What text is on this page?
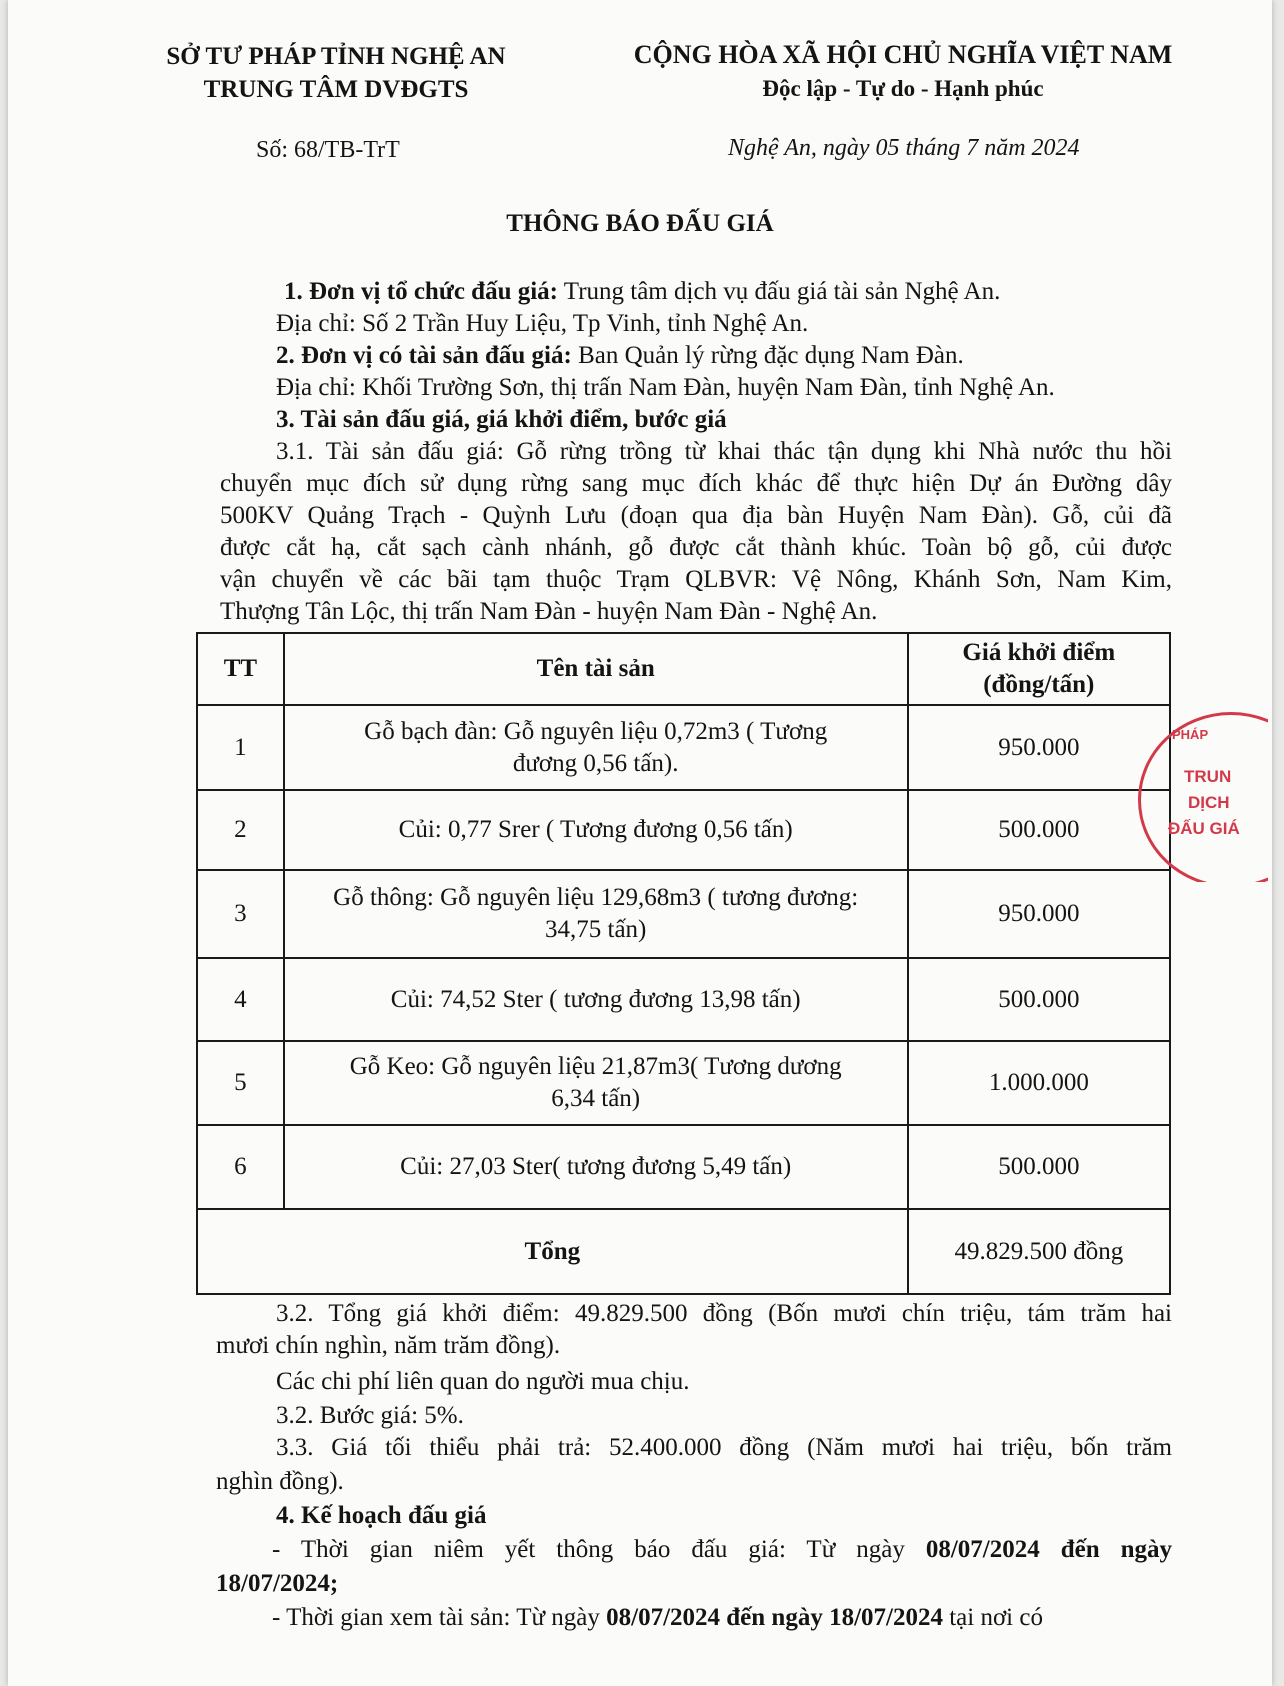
SỞ TƯ PHÁP TỈNH NGHỆ AN
TRUNG TÂM DVĐGTS
CỘNG HÒA XÃ HỘI CHỦ NGHĨA VIỆT NAM
Độc lập - Tự do - Hạnh phúc
Số: 68/TB-TrT	Nghệ An, ngày 05 tháng 7 năm 2024
THÔNG BÁO ĐẤU GIÁ
1. Đơn vị tổ chức đấu giá: Trung tâm dịch vụ đấu giá tài sản Nghệ An.
Địa chỉ: Số 2 Trần Huy Liệu, Tp Vinh, tỉnh Nghệ An.
2. Đơn vị có tài sản đấu giá: Ban Quản lý rừng đặc dụng Nam Đàn.
Địa chỉ: Khối Trường Sơn, thị trấn Nam Đàn, huyện Nam Đàn, tỉnh Nghệ An.
3. Tài sản đấu giá, giá khởi điểm, bước giá
3.1. Tài sản đấu giá: Gỗ rừng trồng từ khai thác tận dụng khi Nhà nước thu hồi
chuyển mục đích sử dụng rừng sang mục đích khác để thực hiện Dự án Đường dây
500KV Quảng Trạch - Quỳnh Lưu (đoạn qua địa bàn Huyện Nam Đàn). Gỗ, củi đã
được cắt hạ, cắt sạch cành nhánh, gỗ được cắt thành khúc. Toàn bộ gỗ, củi được
vận chuyển về các bãi tạm thuộc Trạm QLBVR: Vệ Nông, Khánh Sơn, Nam Kim,
Thượng Tân Lộc, thị trấn Nam Đàn - huyện Nam Đàn - Nghệ An.
TT	Tên tài sản	Giá khởi điểm
(đồng/tấn)

1	Gỗ bạch đàn: Gỗ nguyên liệu 0,72m3 ( Tương
đương 0,56 tấn).	950.000
2	Củi: 0,77 Srer ( Tương đương 0,56 tấn)	500.000
3	Gỗ thông: Gỗ nguyên liệu 129,68m3 ( tương đương:
34,75 tấn)	950.000
4	Củi: 74,52 Ster ( tương đương 13,98 tấn)	500.000
5	Gỗ Keo: Gỗ nguyên liệu 21,87m3( Tương dương
6,34 tấn)	1.000.000
6	Củi: 27,03 Ster( tương đương 5,49 tấn)	500.000
Tổng		49.829.500 đồng
PHÁP
TRUN
DỊCH
ĐẤU GIÁ
3.2. Tổng giá khởi điểm: 49.829.500 đồng (Bốn mươi chín triệu, tám trăm hai
mươi chín nghìn, năm trăm đồng).
Các chi phí liên quan do người mua chịu.
3.2. Bước giá: 5%.
3.3. Giá tối thiểu phải trả: 52.400.000 đồng (Năm mươi hai triệu, bốn trăm
nghìn đồng).
4. Kế hoạch đấu giá
- Thời gian niêm yết thông báo đấu giá: Từ ngày 08/07/2024 đến ngày
18/07/2024;
- Thời gian xem tài sản: Từ ngày 08/07/2024 đến ngày 18/07/2024 tại nơi có
